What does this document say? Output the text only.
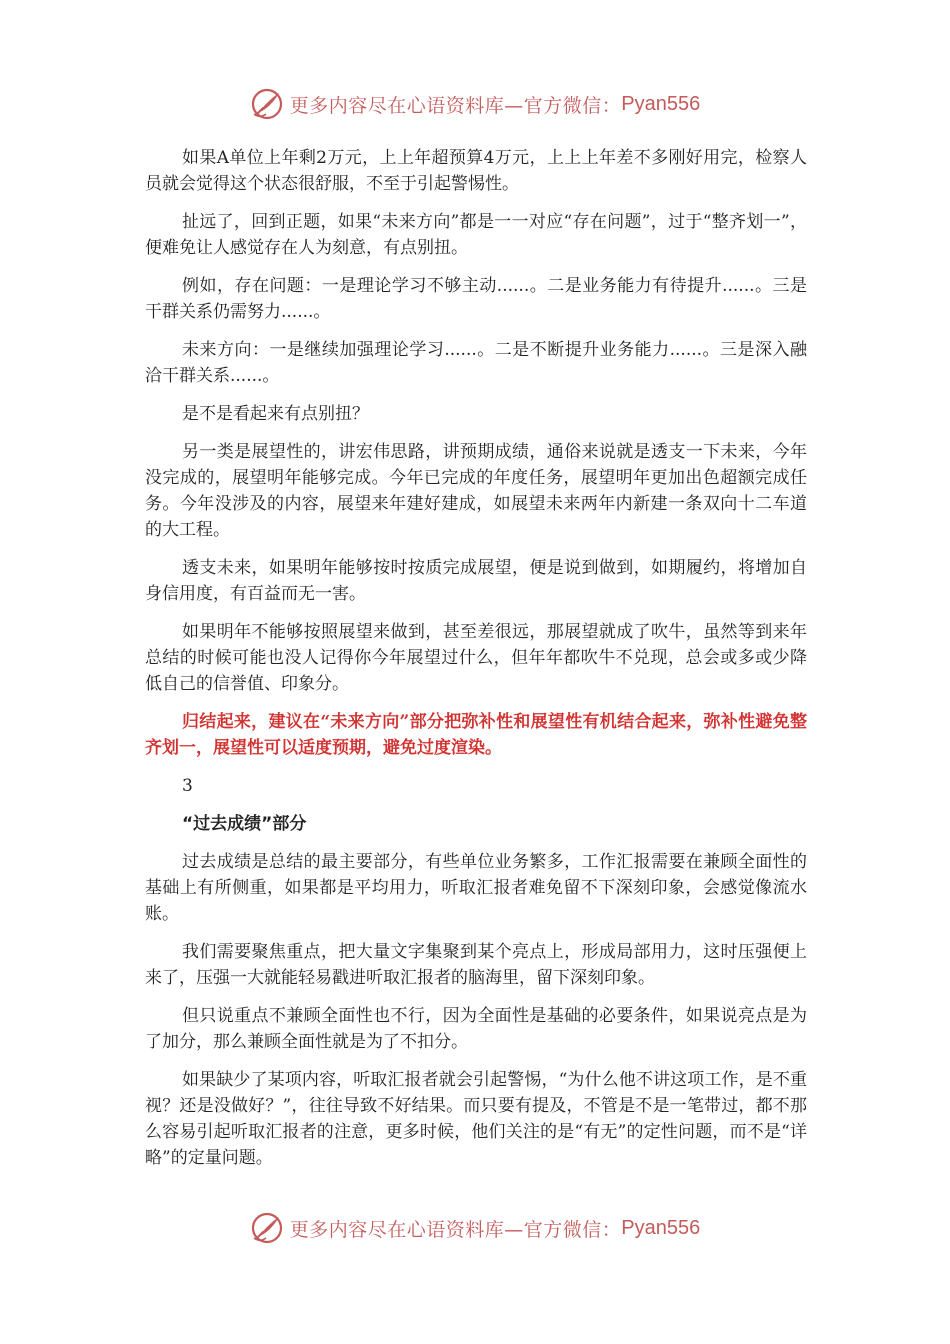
更多内容尽在心语资料库—官方微信： Pyan556

如果A单位上年剩2万元，上上年超预算4万元，上上上年差不多刚好用完，检察人员就会觉得这个状态很舒服，不至于引起警惕性。

扯远了，回到正题，如果“未来方向”都是一一对应“存在问题”，过于“整齐划一”，便难免让人感觉存在人为刻意，有点别扭。

例如，存在问题：一是理论学习不够主动......。二是业务能力有待提升......。三是干群关系仍需努力......。

未来方向：一是继续加强理论学习......。二是不断提升业务能力......。三是深入融洽干群关系......。

是不是看起来有点别扭？

另一类是展望性的，讲宏伟思路，讲预期成绩，通俗来说就是透支一下未来，今年没完成的，展望明年能够完成。今年已完成的年度任务，展望明年更加出色超额完成任务。今年没涉及的内容，展望来年建好建成，如展望未来两年内新建一条双向十二车道的大工程。

透支未来，如果明年能够按时按质完成展望，便是说到做到，如期履约，将增加自身信用度，有百益而无一害。

如果明年不能够按照展望来做到，甚至差很远，那展望就成了吹牛，虽然等到来年总结的时候可能也没人记得你今年展望过什么，但年年都吹牛不兑现，总会或多或少降低自己的信誉值、印象分。

归结起来，建议在“未来方向”部分把弥补性和展望性有机结合起来，弥补性避免整齐划一，展望性可以适度预期，避免过度渲染。

3

“过去成绩”部分

过去成绩是总结的最主要部分，有些单位业务繁多，工作汇报需要在兼顾全面性的基础上有所侧重，如果都是平均用力，听取汇报者难免留不下深刻印象，会感觉像流水账。

我们需要聚焦重点，把大量文字集聚到某个亮点上，形成局部用力，这时压强便上来了，压强一大就能轻易戳进听取汇报者的脑海里，留下深刻印象。

但只说重点不兼顾全面性也不行，因为全面性是基础的必要条件，如果说亮点是为了加分，那么兼顾全面性就是为了不扣分。

如果缺少了某项内容，听取汇报者就会引起警惕，“为什么他不讲这项工作，是不重视？还是没做好？”，往往导致不好结果。而只要有提及，不管是不是一笔带过，都不那么容易引起听取汇报者的注意，更多时候，他们关注的是“有无”的定性问题，而不是“详略”的定量问题。

更多内容尽在心语资料库—官方微信： Pyan556
